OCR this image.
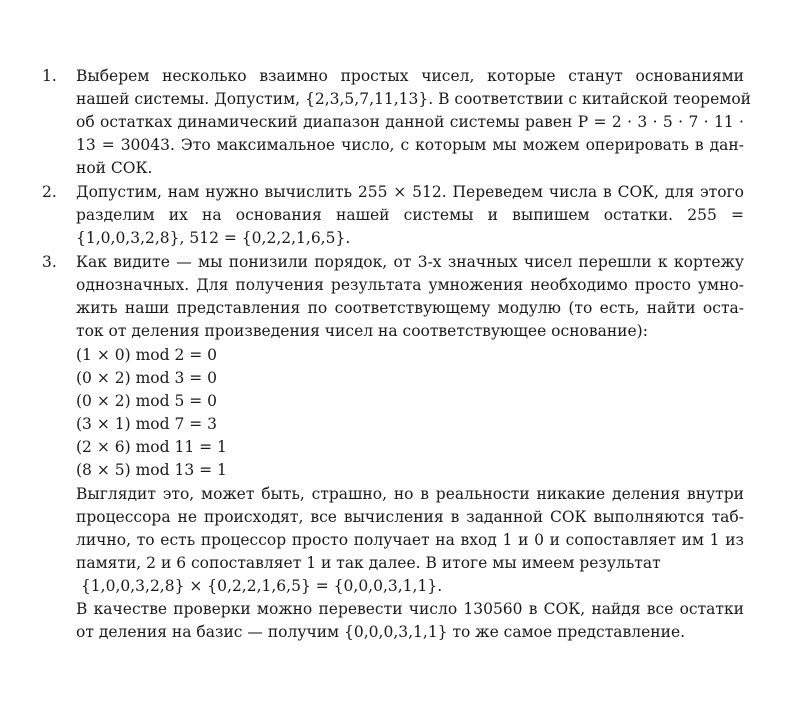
1.	Выберем несколько взаимно простых чисел, которые станут основаниями
нашей системы. Допустим, {2,3,5,7,11,13}. В соответствии с китайской теоремой
об остатках динамический диапазон данной системы равен P = 2 · 3 · 5 · 7 · 11 ·
13 = 30043. Это максимальное число, с которым мы можем оперировать в дан-
ной СОК.
2.	Допустим, нам нужно вычислить 255 × 512. Переведем числа в СОК, для этого
разделим их на основания нашей системы и выпишем остатки. 255 =
{1,0,0,3,2,8}, 512 = {0,2,2,1,6,5}.
3.	Как видите — мы понизили порядок, от 3-х значных чисел перешли к кортежу
однозначных. Для получения результата умножения необходимо просто умно-
жить наши представления по соответствующему модулю (то есть, найти оста-
ток от деления произведения чисел на соответствующее основание):
(1 × 0) mod 2 = 0
(0 × 2) mod 3 = 0
(0 × 2) mod 5 = 0
(3 × 1) mod 7 = 3
(2 × 6) mod 11 = 1
(8 × 5) mod 13 = 1
Выглядит это, может быть, страшно, но в реальности никакие деления внутри
процессора не происходят, все вычисления в заданной СОК выполняются таб-
лично, то есть процессор просто получает на вход 1 и 0 и сопоставляет им 1 из
памяти, 2 и 6 сопоставляет 1 и так далее. В итоге мы имеем результат
{1,0,0,3,2,8} × {0,2,2,1,6,5} = {0,0,0,3,1,1}.
В качестве проверки можно перевести число 130560 в СОК, найдя все остатки
от деления на базис — получим {0,0,0,3,1,1} то же самое представление.
